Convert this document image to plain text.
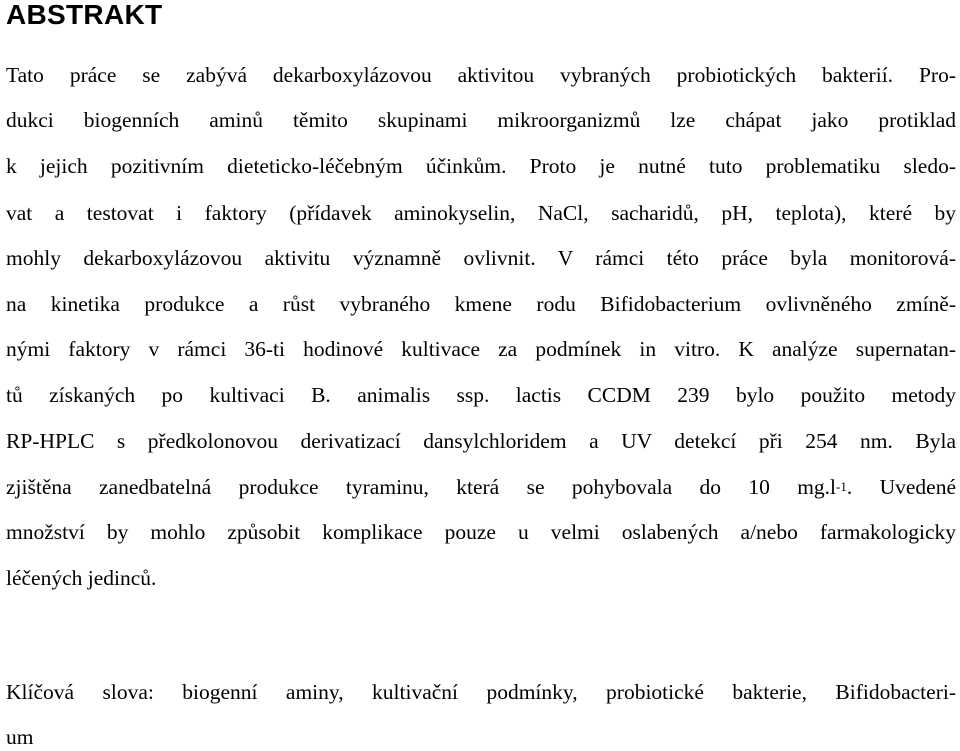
ABSTRAKT
Tato práce se zabývá dekarboxylázovou aktivitou vybraných probiotických bakterií. Pro-
dukci biogenních aminů těmito skupinami mikroorganizmů lze chápat jako protiklad
k jejich pozitivním dieteticko-léčebným účinkům. Proto je nutné tuto problematiku sledo-
vat a testovat i faktory (přídavek aminokyselin, NaCl, sacharidů, pH, teplota), které by
mohly dekarboxylázovou aktivitu významně ovlivnit. V rámci této práce byla monitorová-
na kinetika produkce a růst vybraného kmene rodu Bifidobacterium ovlivněného zmíně-
nými faktory v rámci 36-ti hodinové kultivace za podmínek in vitro. K analýze supernatan-
tů získaných po kultivaci B. animalis ssp. lactis CCDM 239 bylo použito metody
RP-HPLC s předkolonovou derivatizací dansylchloridem a UV detekcí při 254 nm. Byla
zjištěna zanedbatelná produkce tyraminu, která se pohybovala do 10 $mg.l^{-1}$. Uvedené
množství by mohlo způsobit komplikace pouze u velmi oslabených a/nebo farmakologicky
léčených jedinců.
Klíčová slova: biogenní aminy, kultivační podmínky, probiotické bakterie, Bifidobacteri-
um
